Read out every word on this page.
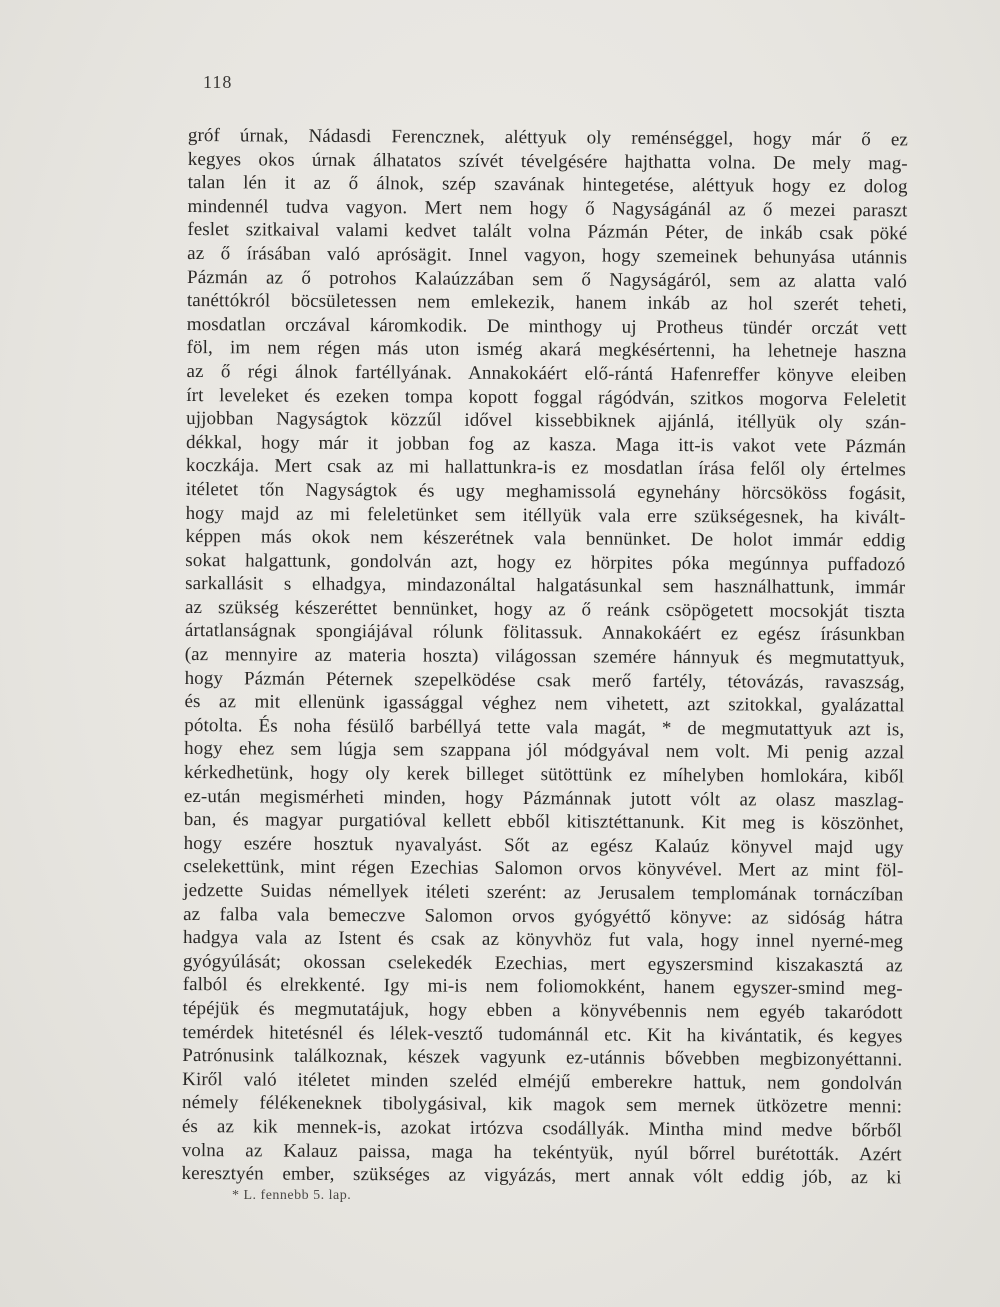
118
gróf úrnak, Nádasdi Ferencznek, aléttyuk oly reménséggel, hogy már ő ez
kegyes okos úrnak álhatatos szívét tévelgésére hajthatta volna. De mely mag-
talan lén it az ő álnok, szép szavának hintegetése, aléttyuk hogy ez dolog
mindennél tudva vagyon. Mert nem hogy ő Nagyságánál az ő mezei paraszt
feslet szitkaival valami kedvet talált volna Pázmán Péter, de inkáb csak pöké
az ő írásában való aprósägit. Innel vagyon, hogy szemeinek behunyása utánnis
Pázmán az ő potrohos Kalaúzzában sem ő Nagyságáról, sem az alatta való
tanéttókról böcsületessen nem emlekezik, hanem inkáb az hol szerét teheti,
mosdatlan orczával káromkodik. De minthogy uj Protheus tündér orczát vett
föl, im nem régen más uton ismég akará megkésértenni, ha lehetneje haszna
az ő régi álnok fartéllyának. Annakokáért elő-rántá Hafenreffer könyve eleiben
írt leveleket és ezeken tompa kopott foggal rágódván, szitkos mogorva Feleletit
ujjobban Nagyságtok közzűl idővel kissebbiknek ajjánlá, itéllyük oly szán-
dékkal, hogy már it jobban fog az kasza. Maga itt-is vakot vete Pázmán
koczkája. Mert csak az mi hallattunkra-is ez mosdatlan írása felől oly értelmes
itéletet tőn Nagyságtok és ugy meghamissolá egynehány hörcsököss fogásit,
hogy majd az mi feleletünket sem itéllyük vala erre szükségesnek, ha kivált-
képpen más okok nem készerétnek vala bennünket. De holot immár eddig
sokat halgattunk, gondolván azt, hogy ez hörpites póka megúnnya puffadozó
sarkallásit s elhadgya, mindazonáltal halgatásunkal sem használhattunk, immár
az szükség készeréttet bennünket, hogy az ő reánk csöpögetett mocsokját tiszta
ártatlanságnak spongiájával rólunk fölitassuk. Annakokáért ez egész írásunkban
(az mennyire az materia hoszta) világossan szemére hánnyuk és megmutattyuk,
hogy Pázmán Péternek szepelködése csak merő fartély, tétovázás, ravaszság,
és az mit ellenünk igassággal véghez nem vihetett, azt szitokkal, gyalázattal
pótolta. És noha fésülő barbéllyá tette vala magát, * de megmutattyuk azt is,
hogy ehez sem lúgja sem szappana jól módgyával nem volt. Mi penig azzal
kérkedhetünk, hogy oly kerek billeget sütöttünk ez míhelyben homlokára, kiből
ez-után megismérheti minden, hogy Pázmánnak jutott vólt az olasz maszlag-
ban, és magyar purgatióval kellett ebből kitisztéttanunk. Kit meg is köszönhet,
hogy eszére hosztuk nyavalyást. Sőt az egész Kalaúz könyvel majd ugy
cselekettünk, mint régen Ezechias Salomon orvos könyvével. Mert az mint föl-
jedzette Suidas némellyek itéleti szerént: az Jerusalem templomának tornáczíban
az falba vala bemeczve Salomon orvos gyógyéttő könyve: az sidóság hátra
hadgya vala az Istent és csak az könyvhöz fut vala, hogy innel nyerné-meg
gyógyúlását; okossan cselekedék Ezechias, mert egyszersmind kiszakasztá az
falból és elrekkenté. Igy mi-is nem foliomokként, hanem egyszer-smind meg-
tépéjük és megmutatájuk, hogy ebben a könyvébennis nem egyéb takaródott
temérdek hitetésnél és lélek-vesztő tudománnál etc. Kit ha kivántatik, és kegyes
Patrónusink találkoznak, készek vagyunk ez-utánnis bővebben megbizonyéttanni.
Kiről való itéletet minden szeléd elméjű emberekre hattuk, nem gondolván
némely félékeneknek tibolygásival, kik magok sem mernek ütközetre menni:
és az kik mennek-is, azokat irtózva csodállyák. Mintha mind medve bőrből
volna az Kalauz paissa, maga ha tekéntyük, nyúl bőrrel burétották. Azért
keresztyén ember, szükséges az vigyázás, mert annak vólt eddig jób, az ki
* L. fennebb 5. lap.
